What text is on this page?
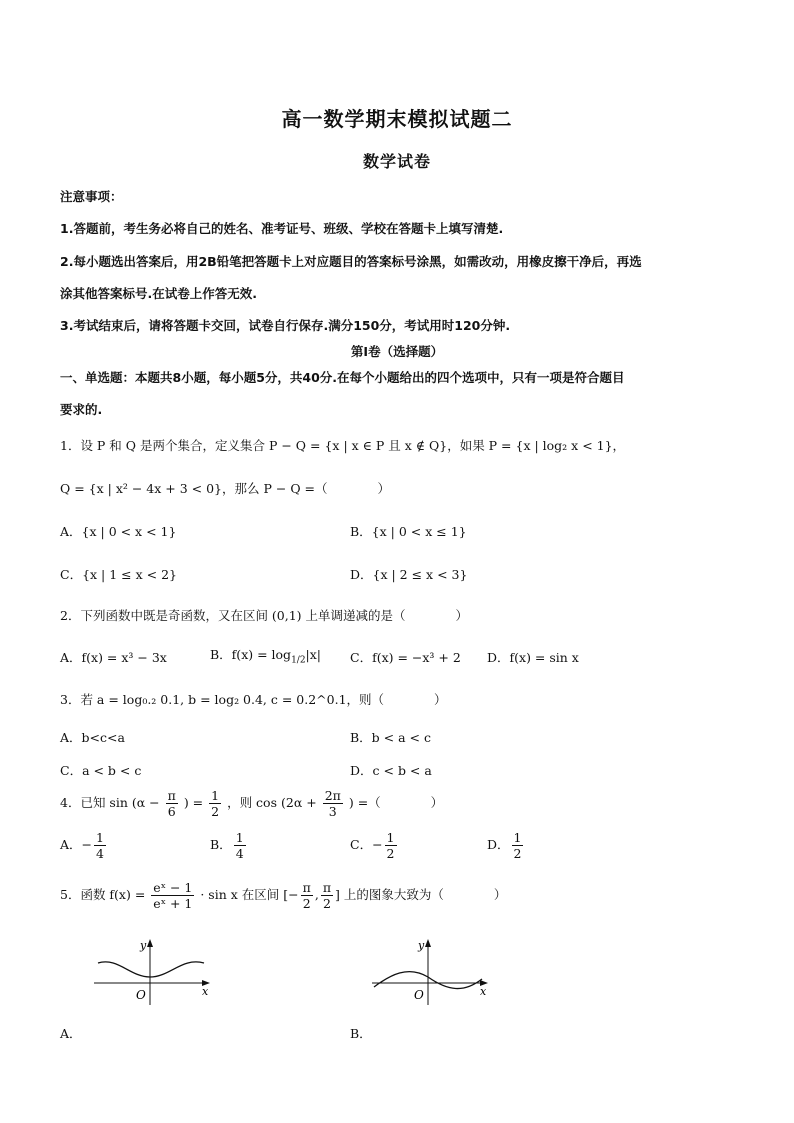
高一数学期末模拟试题二
数学试卷
注意事项：
1.答题前，考生务必将自己的姓名、准考证号、班级、学校在答题卡上填写清楚.
2.每小题选出答案后，用2B铅笔把答题卡上对应题目的答案标号涂黑，如需改动，用橡皮擦干净后，再选
涂其他答案标号.在试卷上作答无效.
3.考试结束后，请将答题卡交回，试卷自行保存.满分150分，考试用时120分钟.
第Ⅰ卷（选择题）
一、单选题：本题共8小题，每小题5分，共40分.在每个小题给出的四个选项中，只有一项是符合题目
要求的.
1．设 P 和 Q 是两个集合，定义集合 P − Q = {x | x ∈ P 且 x ∉ Q}，如果 P = {x | log₂ x < 1}，
Q = {x | x² − 4x + 3 < 0}，那么 P − Q =（　　　　）
A．{x | 0 < x < 1}	B．{x | 0 < x ≤ 1}
C．{x | 1 ≤ x < 2}	D．{x | 2 ≤ x < 3}
2．下列函数中既是奇函数，又在区间 (0,1) 上单调递减的是（　　　　）
A．f(x) = x³ − 3x	B．$f(x) = \log_{1/2}|x|$ C．f(x) = −x³ + 2 D．f(x) = sin x
3．若 a = log₀.₂ 0.1, b = log₂ 0.4, c = 0.2^0.1，则（　　　　）
A．b<c<a	B．b < a < c
C．a < b < c	D．c < b < a
4．已知 $\sin (\alpha - \frac{\pi}{6}$ ) = $\frac{1}{2}$ ，则 $\cos (2\alpha + \frac{2\pi}{3}$ ) =（　　　　）
A．− $\frac{1}{4}$	B． $\frac{1}{4}$	C．− $\frac{1}{2}$	D． $\frac{1}{2}$
5．函数 $f(x) = \frac{\text{eˣ − 1}}{\text{eˣ + 1}} \cdot \sin x$ 在区间 [− $\frac{\pi}{2}$ , $\frac{\pi}{2}$ ] 上的图象大致为（　　　　）
A．
y
x
O
B．
y
x
O
